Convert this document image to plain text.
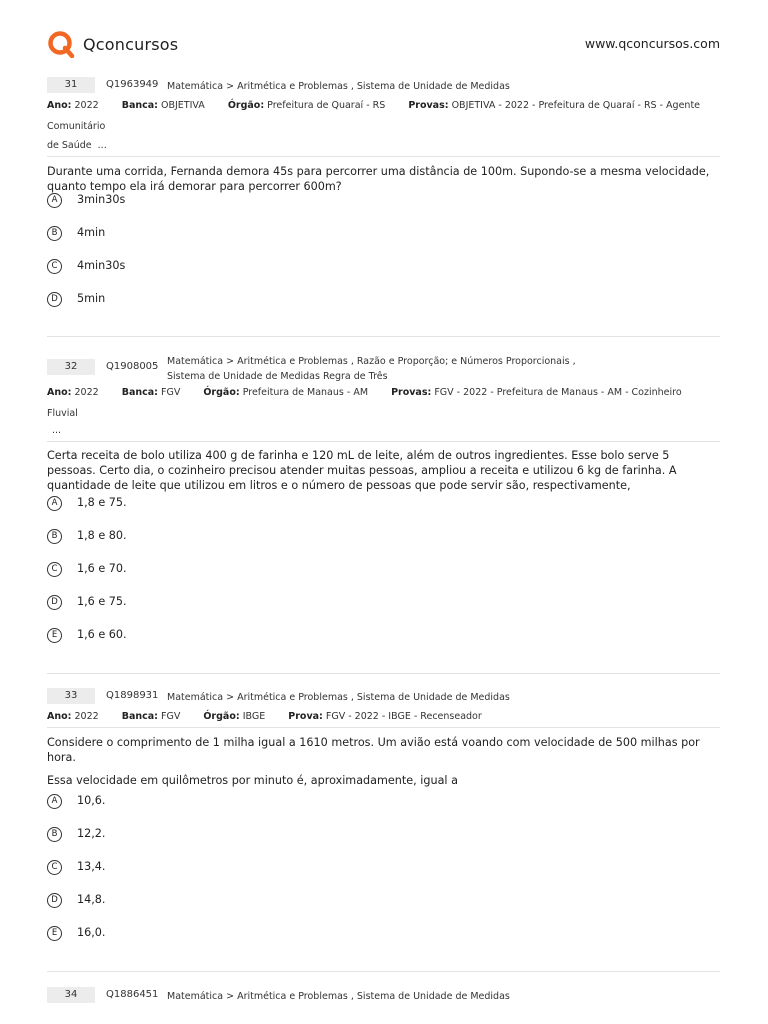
Qconcursos	www.qconcursos.com
31	Q1963949 Matemática > Aritmética e Problemas , Sistema de Unidade de Medidas
Ano: 2022 Banca: OBJETIVA Órgão: Prefeitura de Quaraí - RS Provas: OBJETIVA - 2022 - Prefeitura de Quaraí - RS - Agente Comunitário
de Saúde ...
Durante uma corrida, Fernanda demora 45s para percorrer uma distância de 100m. Supondo-se a mesma velocidade, quanto tempo ela irá demorar para percorrer 600m?
A	3min30s
B	4min
C	4min30s
D	5min
32	Q1908005 Matemática > Aritmética e Problemas , Razão e Proporção; e Números Proporcionais ,
Sistema de Unidade de Medidas Regra de Três
Ano: 2022 Banca: FGV Órgão: Prefeitura de Manaus - AM Provas: FGV - 2022 - Prefeitura de Manaus - AM - Cozinheiro Fluvial
...
Certa receita de bolo utiliza 400 g de farinha e 120 mL de leite, além de outros ingredientes. Esse bolo serve 5 pessoas. Certo dia, o cozinheiro precisou atender muitas pessoas, ampliou a receita e utilizou 6 kg de farinha. A quantidade de leite que utilizou em litros e o número de pessoas que pode servir são, respectivamente,
A	1,8 e 75.
B	1,8 e 80.
C	1,6 e 70.
D	1,6 e 75.
E	1,6 e 60.
33	Q1898931 Matemática > Aritmética e Problemas , Sistema de Unidade de Medidas
Ano: 2022 Banca: FGV Órgão: IBGE Prova: FGV - 2022 - IBGE - Recenseador
Considere o comprimento de 1 milha igual a 1610 metros. Um avião está voando com velocidade de 500 milhas por hora.
Essa velocidade em quilômetros por minuto é, aproximadamente, igual a
A	10,6.
B	12,2.
C	13,4.
D	14,8.
E	16,0.
34	Q1886451 Matemática > Aritmética e Problemas , Sistema de Unidade de Medidas
